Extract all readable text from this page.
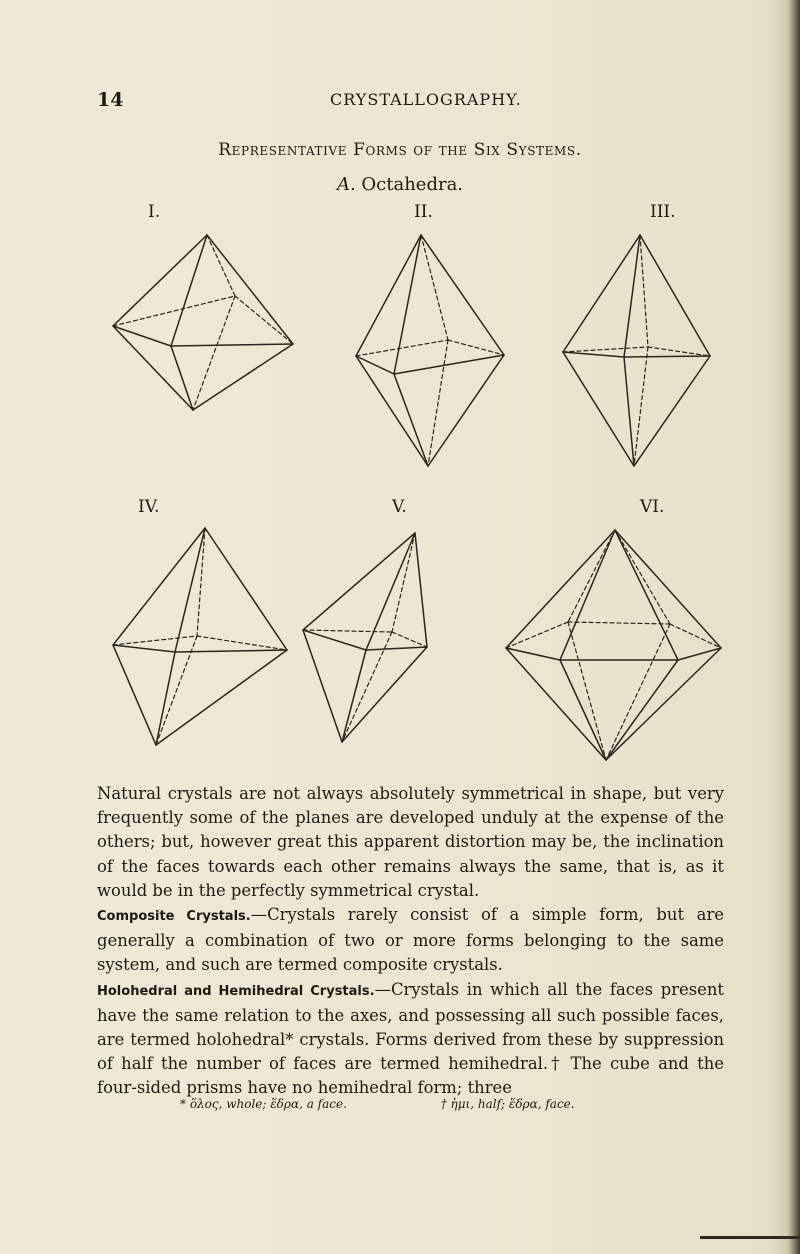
14	CRYSTALLOGRAPHY.
Representative Forms of the Six Systems.
A. Octahedra.
I.	II.	III.
IV.	V.	VI.

Natural crystals are not always absolutely symmetrical in shape, but very frequently some of the planes are developed unduly at the expense of the others; but, however great this apparent distortion may be, the inclination of the faces towards each other remains always the same, that is, as it would be in the perfectly symmetrical crystal.

Composite Crystals.—Crystals rarely consist of a simple form, but are generally a combination of two or more forms belonging to the same system, and such are termed composite crystals.

Holohedral and Hemihedral Crystals.—Crystals in which all the faces present have the same relation to the axes, and possessing all such possible faces, are termed holohedral* crystals. Forms derived from these by suppression of half the number of faces are termed hemihedral.† The cube and the four-sided prisms have no hemihedral form; three

* ὅλος, whole; ἕδρα, a face.	† ἡμι, half; ἕδρα, face.
